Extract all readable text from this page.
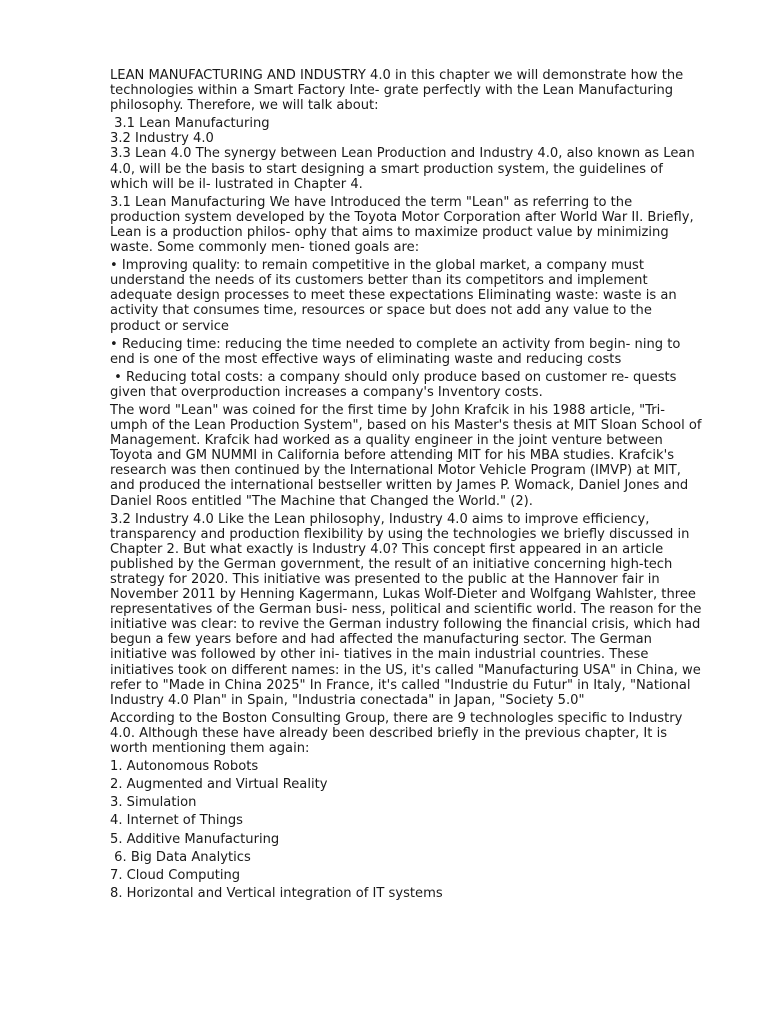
LEAN MANUFACTURING AND INDUSTRY 4.0 in this chapter we will demonstrate how the technologies within a Smart Factory Inte- grate perfectly with the Lean Manufacturing philosophy. Therefore, we will talk about:

3.1 Lean Manufacturing

3.2 Industry 4.0

3.3 Lean 4.0 The synergy between Lean Production and Industry 4.0, also known as Lean 4.0, will be the basis to start designing a smart production system, the guidelines of which will be il- lustrated in Chapter 4.

3.1 Lean Manufacturing We have Introduced the term "Lean" as referring to the production system developed by the Toyota Motor Corporation after World War II. Briefly, Lean is a production philos- ophy that aims to maximize product value by minimizing waste. Some commonly men- tioned goals are:

• Improving quality: to remain competitive in the global market, a company must understand the needs of its customers better than its competitors and implement adequate design processes to meet these expectations Eliminating waste: waste is an activity that consumes time, resources or space but does not add any value to the product or service

• Reducing time: reducing the time needed to complete an activity from begin- ning to end is one of the most effective ways of eliminating waste and reducing costs

• Reducing total costs: a company should only produce based on customer re- quests given that overproduction increases a company's Inventory costs.

The word "Lean" was coined for the first time by John Krafcik in his 1988 article, "Tri- umph of the Lean Production System", based on his Master's thesis at MIT Sloan School of Management. Krafcik had worked as a quality engineer in the joint venture between Toyota and GM NUMMI in California before attending MIT for his MBA studies. Krafcik's research was then continued by the International Motor Vehicle Program (IMVP) at MIT, and produced the international bestseller written by James P. Womack, Daniel Jones and Daniel Roos entitled "The Machine that Changed the World." (2).

3.2 Industry 4.0 Like the Lean philosophy, Industry 4.0 aims to improve efficiency, transparency and production flexibility by using the technologies we briefly discussed in Chapter 2. But what exactly is Industry 4.0? This concept first appeared in an article published by the German government, the result of an initiative concerning high-tech strategy for 2020. This initiative was presented to the public at the Hannover fair in November 2011 by Henning Kagermann, Lukas Wolf-Dieter and Wolfgang Wahlster, three representatives of the German busi- ness, political and scientific world. The reason for the initiative was clear: to revive the German industry following the financial crisis, which had begun a few years before and had affected the manufacturing sector. The German initiative was followed by other ini- tiatives in the main industrial countries. These initiatives took on different names: in the US, it's called "Manufacturing USA" in China, we refer to "Made in China 2025" In France, it's called "Industrie du Futur" in Italy, "National Industry 4.0 Plan" in Spain, "Industria conectada" in Japan, "Society 5.0"

According to the Boston Consulting Group, there are 9 technologles specific to Industry 4.0. Although these have already been described briefly in the previous chapter, It is worth mentioning them again:

1. Autonomous Robots

2. Augmented and Virtual Reality

3. Simulation

4. Internet of Things

5. Additive Manufacturing

6. Big Data Analytics

7. Cloud Computing

8. Horizontal and Vertical integration of IT systems
